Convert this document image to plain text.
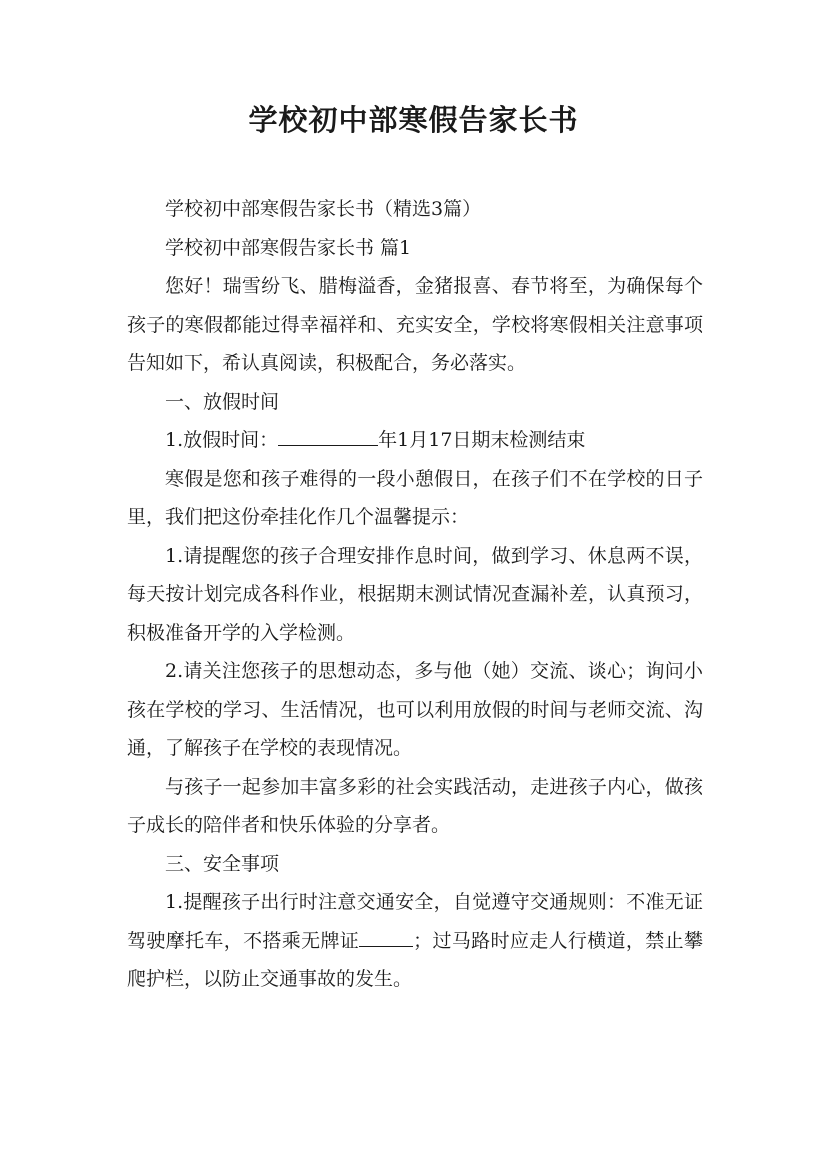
学校初中部寒假告家长书

学校初中部寒假告家长书（精选3篇）

学校初中部寒假告家长书 篇1

您好！瑞雪纷飞、腊梅溢香，金猪报喜、春节将至，为确保每个孩子的寒假都能过得幸福祥和、充实安全，学校将寒假相关注意事项告知如下，希认真阅读，积极配合，务必落实。

一、放假时间

1.放假时间：	年1月17日期末检测结束

寒假是您和孩子难得的一段小憩假日，在孩子们不在学校的日子里，我们把这份牵挂化作几个温馨提示：

1.请提醒您的孩子合理安排作息时间，做到学习、休息两不误，每天按计划完成各科作业，根据期末测试情况查漏补差，认真预习，积极准备开学的入学检测。

2.请关注您孩子的思想动态，多与他（她）交流、谈心；询问小孩在学校的学习、生活情况，也可以利用放假的时间与老师交流、沟通，了解孩子在学校的表现情况。

与孩子一起参加丰富多彩的社会实践活动，走进孩子内心，做孩子成长的陪伴者和快乐体验的分享者。

三、安全事项

1.提醒孩子出行时注意交通安全，自觉遵守交通规则：不准无证驾驶摩托车，不搭乘无牌证	；过马路时应走人行横道，禁止攀爬护栏，以防止交通事故的发生。
